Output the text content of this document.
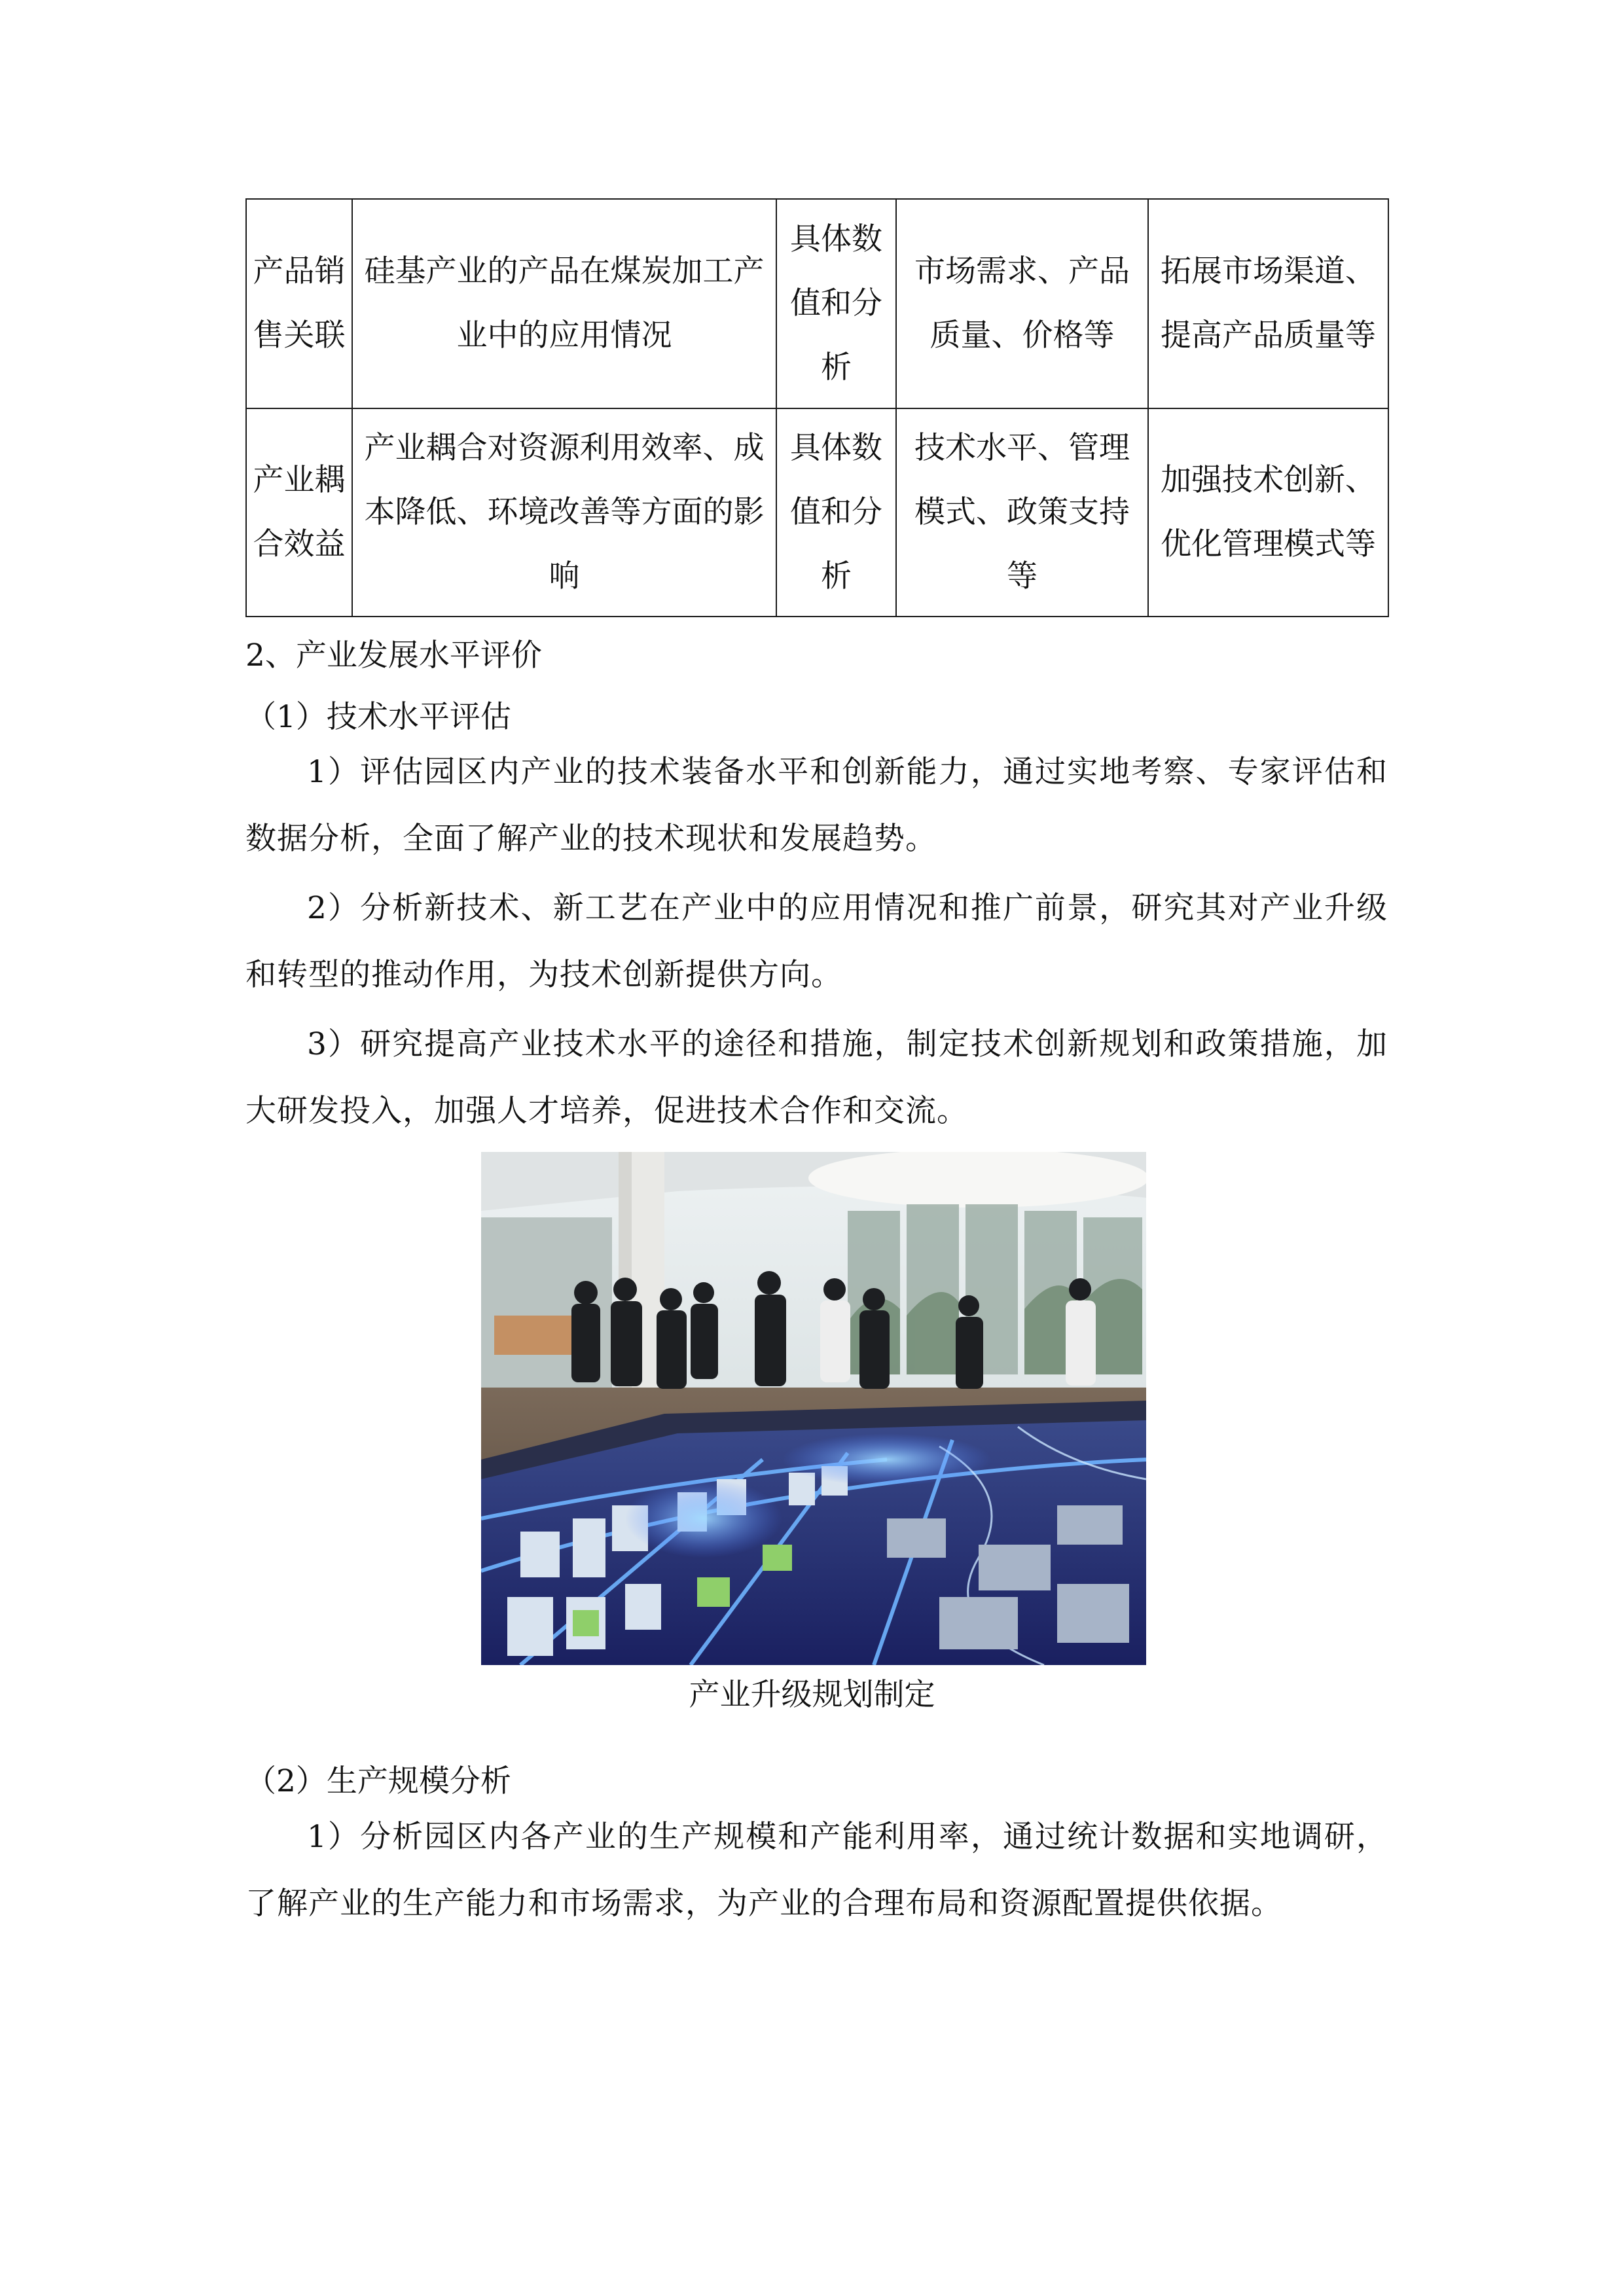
产品销售关联	硅基产业的产品在煤炭加工产业中的应用情况	具体数值和分析	市场需求、产品质量、价格等	拓展市场渠道、提高产品质量等
产业耦合效益	产业耦合对资源利用效率、成本降低、环境改善等方面的影响	具体数值和分析	技术水平、管理模式、政策支持等	加强技术创新、优化管理模式等
2、产业发展水平评价
（1）技术水平评估
1）评估园区内产业的技术装备水平和创新能力，通过实地考察、专家评估和数据分析，全面了解产业的技术现状和发展趋势。
2）分析新技术、新工艺在产业中的应用情况和推广前景，研究其对产业升级和转型的推动作用，为技术创新提供方向。
3）研究提高产业技术水平的途径和措施，制定技术创新规划和政策措施，加大研发投入，加强人才培养，促进技术合作和交流。
产业升级规划制定
（2）生产规模分析
1）分析园区内各产业的生产规模和产能利用率，通过统计数据和实地调研，了解产业的生产能力和市场需求，为产业的合理布局和资源配置提供依据。
